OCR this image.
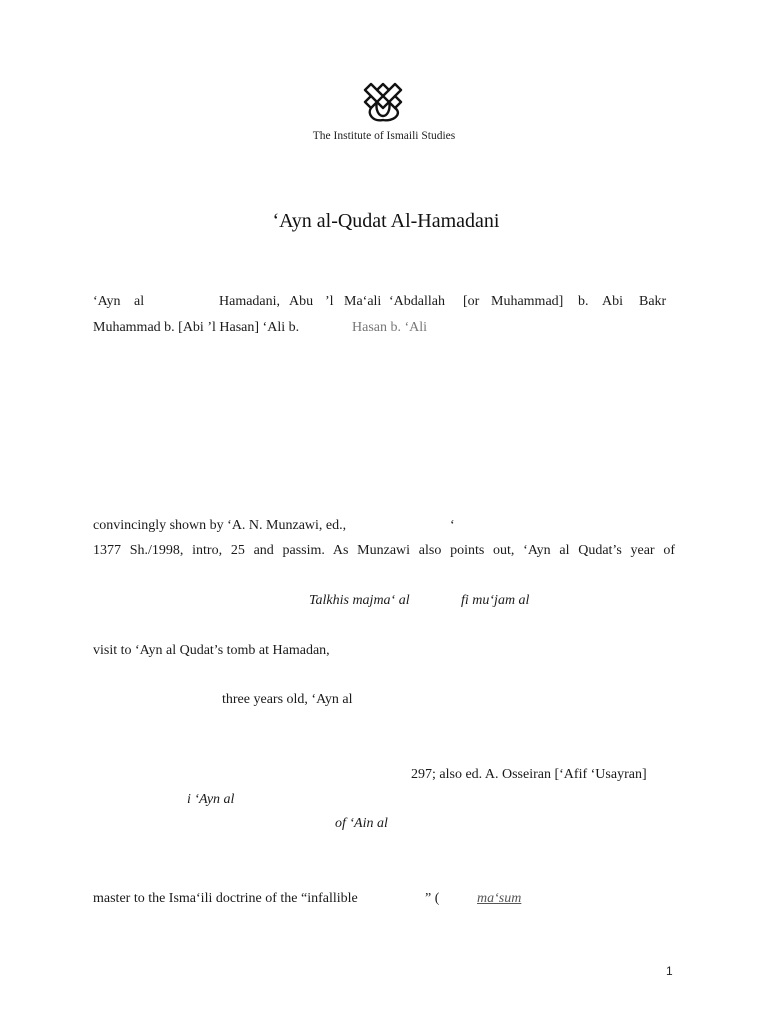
The Institute of Ismaili Studies
‘Ayn al-Qudat Al-Hamadani
‘Ayn al	Hamadani, Abu ’l Ma‘ali ‘Abdallah [or Muhammad] b. Abi Bakr
Muhammad b. [Abi ’l Hasan] ‘Ali b.	Hasan b. ‘Ali
convincingly shown by ‘A. N. Munzawi, ed.,	‘
1377 Sh./1998, intro, 25 and passim. As Munzawi also points out, ‘Ayn al Qudat’s year of
Talkhis majma‘ al	fi mu‘jam al
visit to ‘Ayn al Qudat’s tomb at Hamadan,
three years old, ‘Ayn al
297; also ed. A. Osseiran [‘Afif ‘Usayran]
i ‘Ayn al
of ‘Ain al
master to the Isma‘ili doctrine of the “infallible	” (	ma‘sum
1
